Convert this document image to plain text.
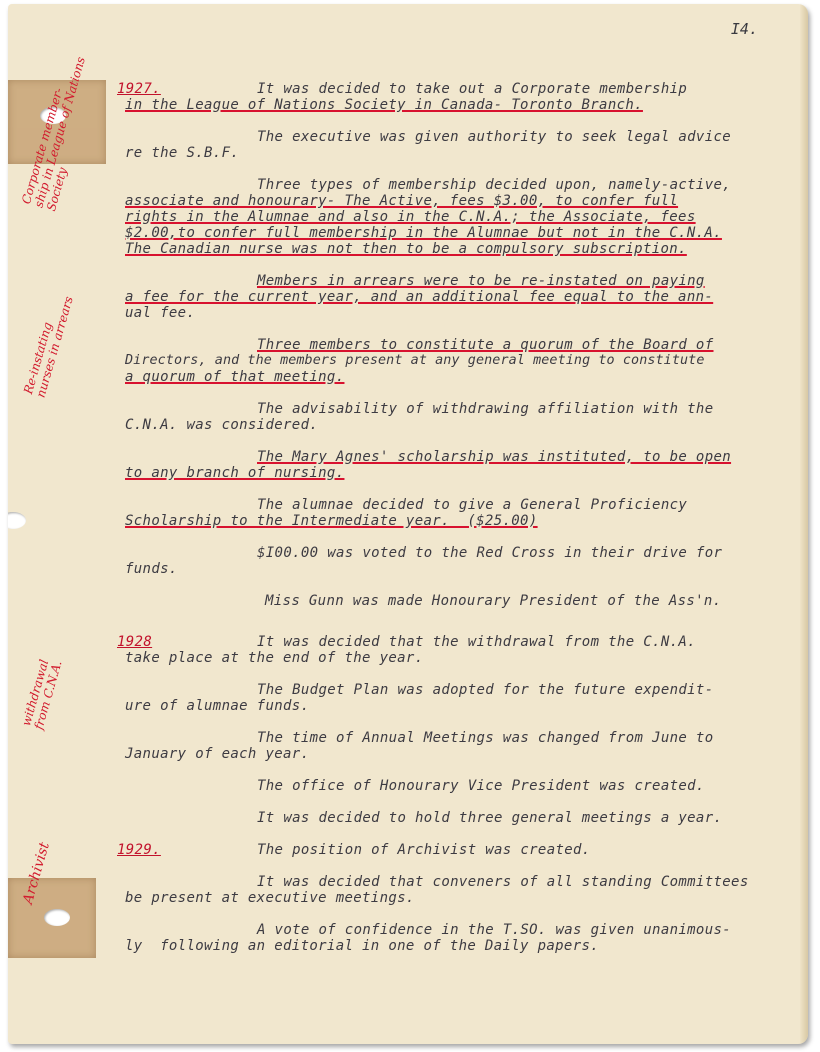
I4.
Corporate member-
ship in League of Nations
Society
Re-instating
nurses in arrears
withdrawal
from C.N.A.
Archivist
1927.	It was decided to take out a Corporate membership
in the League of Nations Society in Canada- Toronto Branch.
The executive was given authority to seek legal advice
re the S.B.F.
Three types of membership decided upon, namely-active,
associate and honourary- The Active, fees $3.00, to confer full
rights in the Alumnae and also in the C.N.A.; the Associate, fees
$2.00,to confer full membership in the Alumnae but not in the C.N.A.
The Canadian nurse was not then to be a compulsory subscription.
Members in arrears were to be re-instated on paying
a fee for the current year, and an additional fee equal to the ann-
ual fee.
Three members to constitute a quorum of the Board of
Directors, and the members present at any general meeting to constitute
a quorum of that meeting.
The advisability of withdrawing affiliation with the
C.N.A. was considered.
The Mary Agnes' scholarship was instituted, to be open
to any branch of nursing.
The alumnae decided to give a General Proficiency
Scholarship to the Intermediate year.  ($25.00)
$I00.00 was voted to the Red Cross in their drive for
funds.
Miss Gunn was made Honourary President of the Ass'n.
1928	It was decided that the withdrawal from the C.N.A.
take place at the end of the year.
The Budget Plan was adopted for the future expendit-
ure of alumnae funds.
The time of Annual Meetings was changed from June to
January of each year.
The office of Honourary Vice President was created.
It was decided to hold three general meetings a year.
1929.	The position of Archivist was created.
It was decided that conveners of all standing Committees
be present at executive meetings.
A vote of confidence in the T.SO. was given unanimous-
ly  following an editorial in one of the Daily papers.
